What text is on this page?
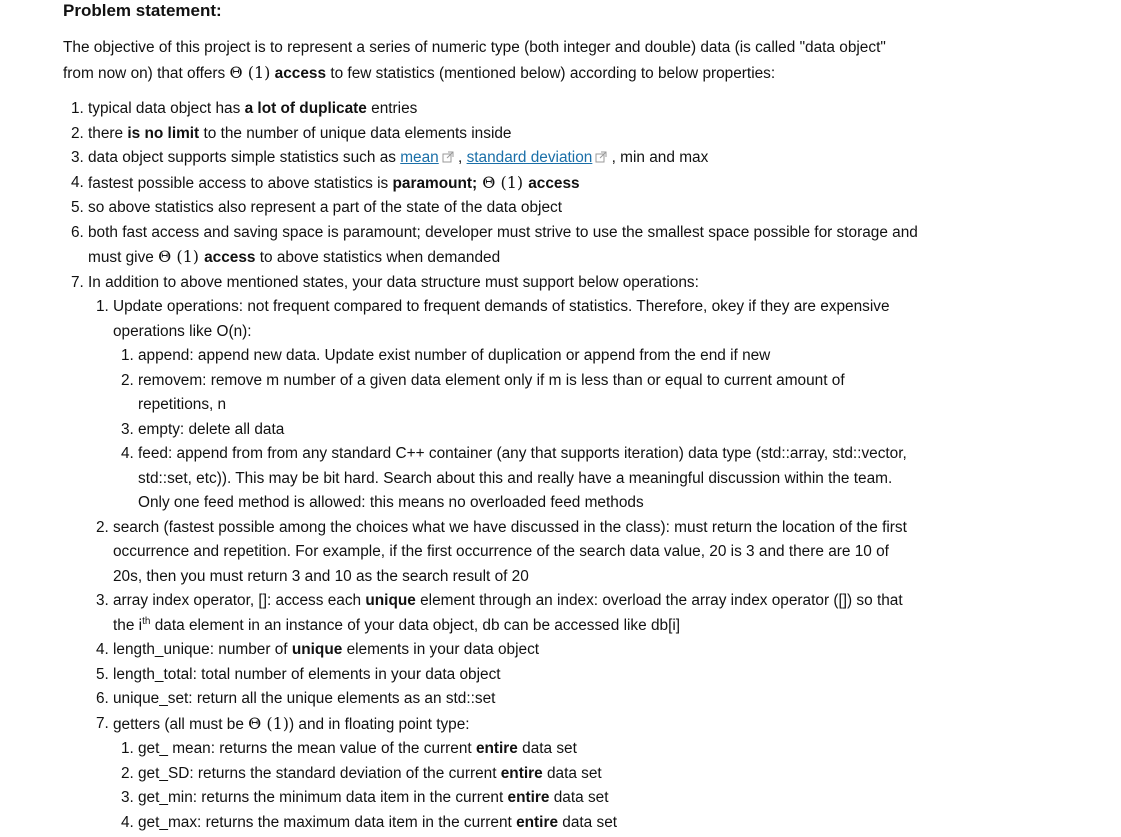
Problem statement:

The objective of this project is to represent a series of numeric type (both integer and double) data (is called "data object" from now on) that offers Θ (1) access to few statistics (mentioned below) according to below properties:

1. typical data object has a lot of duplicate entries
2. there is no limit to the number of unique data elements inside
3. data object supports simple statistics such as mean , standard deviation , min and max
4. fastest possible access to above statistics is paramount; Θ (1) access
5. so above statistics also represent a part of the state of the data object
6. both fast access and saving space is paramount; developer must strive to use the smallest space possible for storage and must give Θ (1) access to above statistics when demanded
7. In addition to above mentioned states, your data structure must support below operations:
1. Update operations: not frequent compared to frequent demands of statistics. Therefore, okey if they are expensive operations like O(n):
1. append: append new data. Update exist number of duplication or append from the end if new
2. removem: remove m number of a given data element only if m is less than or equal to current amount of repetitions, n
3. empty: delete all data
4. feed: append from from any standard C++ container (any that supports iteration) data type (std::array, std::vector, std::set, etc)). This may be bit hard. Search about this and really have a meaningful discussion within the team. Only one feed method is allowed: this means no overloaded feed methods
2. search (fastest possible among the choices what we have discussed in the class): must return the location of the first occurrence and repetition. For example, if the first occurrence of the search data value, 20 is 3 and there are 10 of 20s, then you must return 3 and 10 as the search result of 20
3. array index operator, []: access each unique element through an index: overload the array index operator ([]) so that the $i^{th}$ data element in an instance of your data object, db can be accessed like db[i]
4. length_unique: number of unique elements in your data object
5. length_total: total number of elements in your data object
6. unique_set: return all the unique elements as an std::set
7. getters (all must be Θ (1)) and in floating point type:
1. get_ mean: returns the mean value of the current entire data set
2. get_SD: returns the standard deviation of the current entire data set
3. get_min: returns the minimum data item in the current entire data set
4. get_max: returns the maximum data item in the current entire data set
